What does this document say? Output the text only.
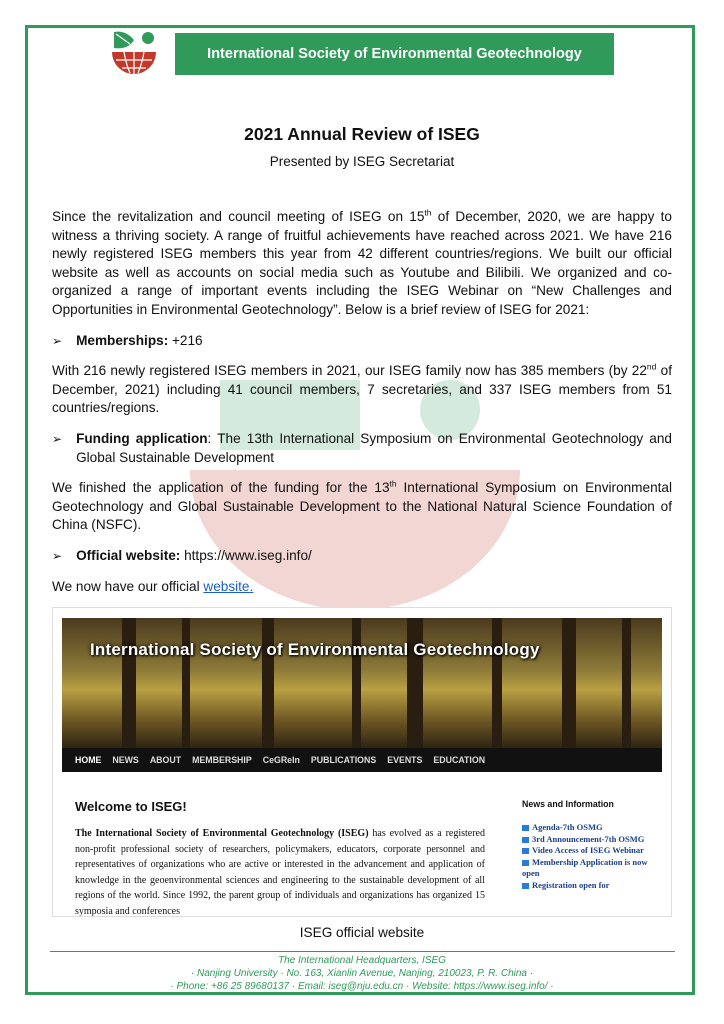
International Society of Environmental Geotechnology
2021 Annual Review of ISEG
Presented by ISEG Secretariat

Since the revitalization and council meeting of ISEG on 15th of December, 2020, we are happy to witness a thriving society. A range of fruitful achievements have reached across 2021. We have 216 newly registered ISEG members this year from 42 different countries/regions. We built our official website as well as accounts on social media such as Youtube and Bilibili. We organized and co-organized a range of important events including the ISEG Webinar on “New Challenges and Opportunities in Environmental Geotechnology”. Below is a brief review of ISEG for 2021:

➢ Memberships: +216

With 216 newly registered ISEG members in 2021, our ISEG family now has 385 members (by 22nd of December, 2021) including 41 council members, 7 secretaries, and 337 ISEG members from 51 countries/regions.

➢ Funding application: The 13th International Symposium on Environmental Geotechnology and Global Sustainable Development

We finished the application of the funding for the 13th International Symposium on Environmental Geotechnology and Global Sustainable Development to the National Natural Science Foundation of China (NSFC).

➢ Official website: https://www.iseg.info/

We now have our official website.

International Society of Environmental Geotechnology
HOME NEWS ABOUT MEMBERSHIP CeGReIn PUBLICATIONS EVENTS EDUCATION
Welcome to ISEG!
The International Society of Environmental Geotechnology (ISEG) has evolved as a registered non-profit professional society of researchers, policymakers, educators, corporate personnel and representatives of organizations who are active or interested in the advancement and application of knowledge in the geoenvironmental sciences and engineering to the sustainable development of all regions of the world. Since 1992, the parent group of individuals and organizations has organized 15 symposia and conferences
News and Information
Agenda-7th OSMG
3rd Announcement-7th OSMG
Video Access of ISEG Webinar
Membership Application is now open
Registration open for
ISEG official website
The International Headquarters, ISEG
· Nanjing University · No. 163, Xianlin Avenue, Nanjing, 210023, P. R. China ·
· Phone: +86 25 89680137 · Email: iseg@nju.edu.cn · Website: https://www.iseg.info/ ·
